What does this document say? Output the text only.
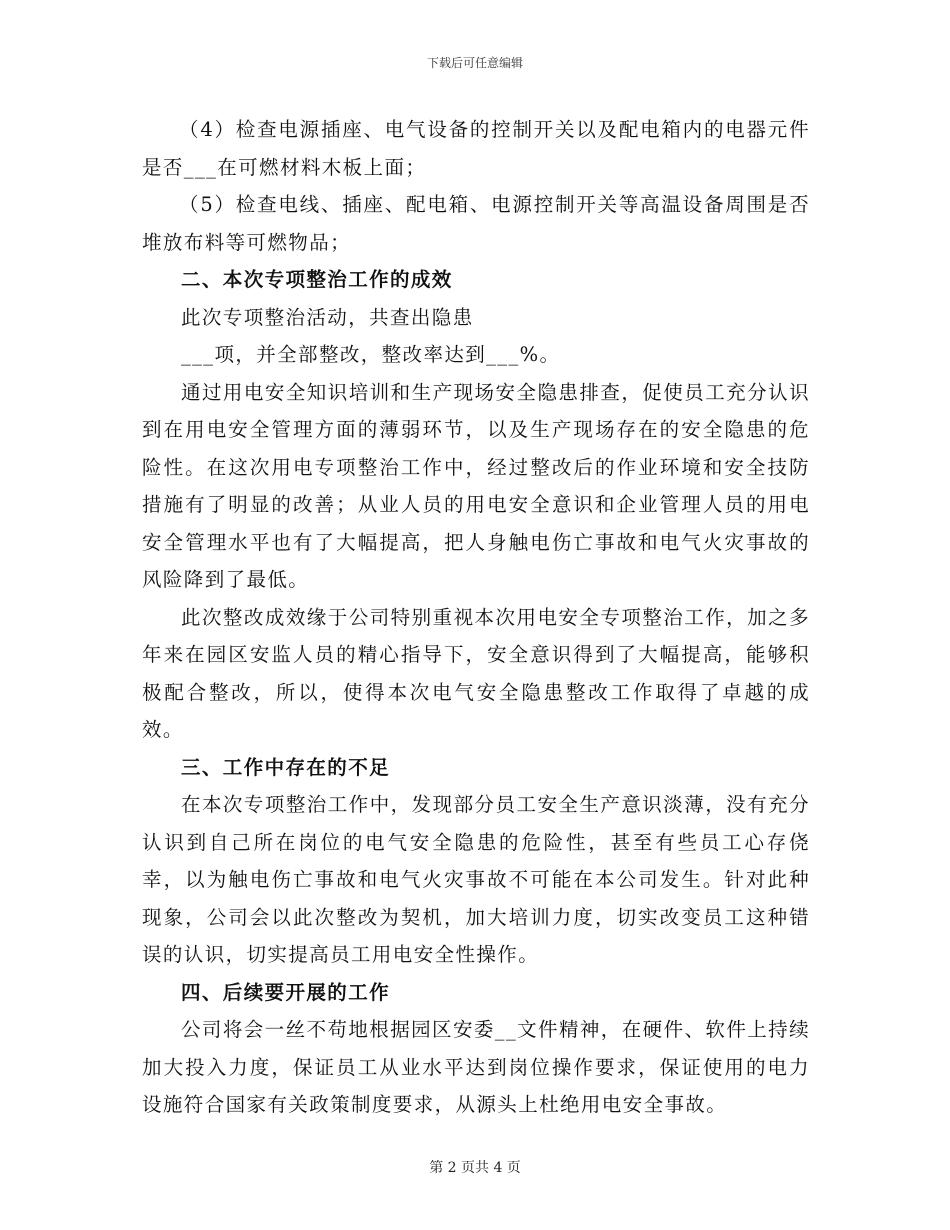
下载后可任意编辑

（4）检查电源插座、电气设备的控制开关以及配电箱内的电器元件是否___在可燃材料木板上面；

（5）检查电线、插座、配电箱、电源控制开关等高温设备周围是否堆放布料等可燃物品；

二、本次专项整治工作的成效

此次专项整治活动，共查出隐患

___项，并全部整改，整改率达到___%。

通过用电安全知识培训和生产现场安全隐患排查，促使员工充分认识到在用电安全管理方面的薄弱环节，以及生产现场存在的安全隐患的危险性。在这次用电专项整治工作中，经过整改后的作业环境和安全技防措施有了明显的改善；从业人员的用电安全意识和企业管理人员的用电安全管理水平也有了大幅提高，把人身触电伤亡事故和电气火灾事故的风险降到了最低。

此次整改成效缘于公司特别重视本次用电安全专项整治工作，加之多年来在园区安监人员的精心指导下，安全意识得到了大幅提高，能够积极配合整改，所以，使得本次电气安全隐患整改工作取得了卓越的成效。

三、工作中存在的不足

在本次专项整治工作中，发现部分员工安全生产意识淡薄，没有充分认识到自己所在岗位的电气安全隐患的危险性，甚至有些员工心存侥幸，以为触电伤亡事故和电气火灾事故不可能在本公司发生。针对此种现象，公司会以此次整改为契机，加大培训力度，切实改变员工这种错误的认识，切实提高员工用电安全性操作。

四、后续要开展的工作

公司将会一丝不苟地根据园区安委__文件精神，在硬件、软件上持续加大投入力度，保证员工从业水平达到岗位操作要求，保证使用的电力设施符合国家有关政策制度要求，从源头上杜绝用电安全事故。

第 2 页共 4 页
